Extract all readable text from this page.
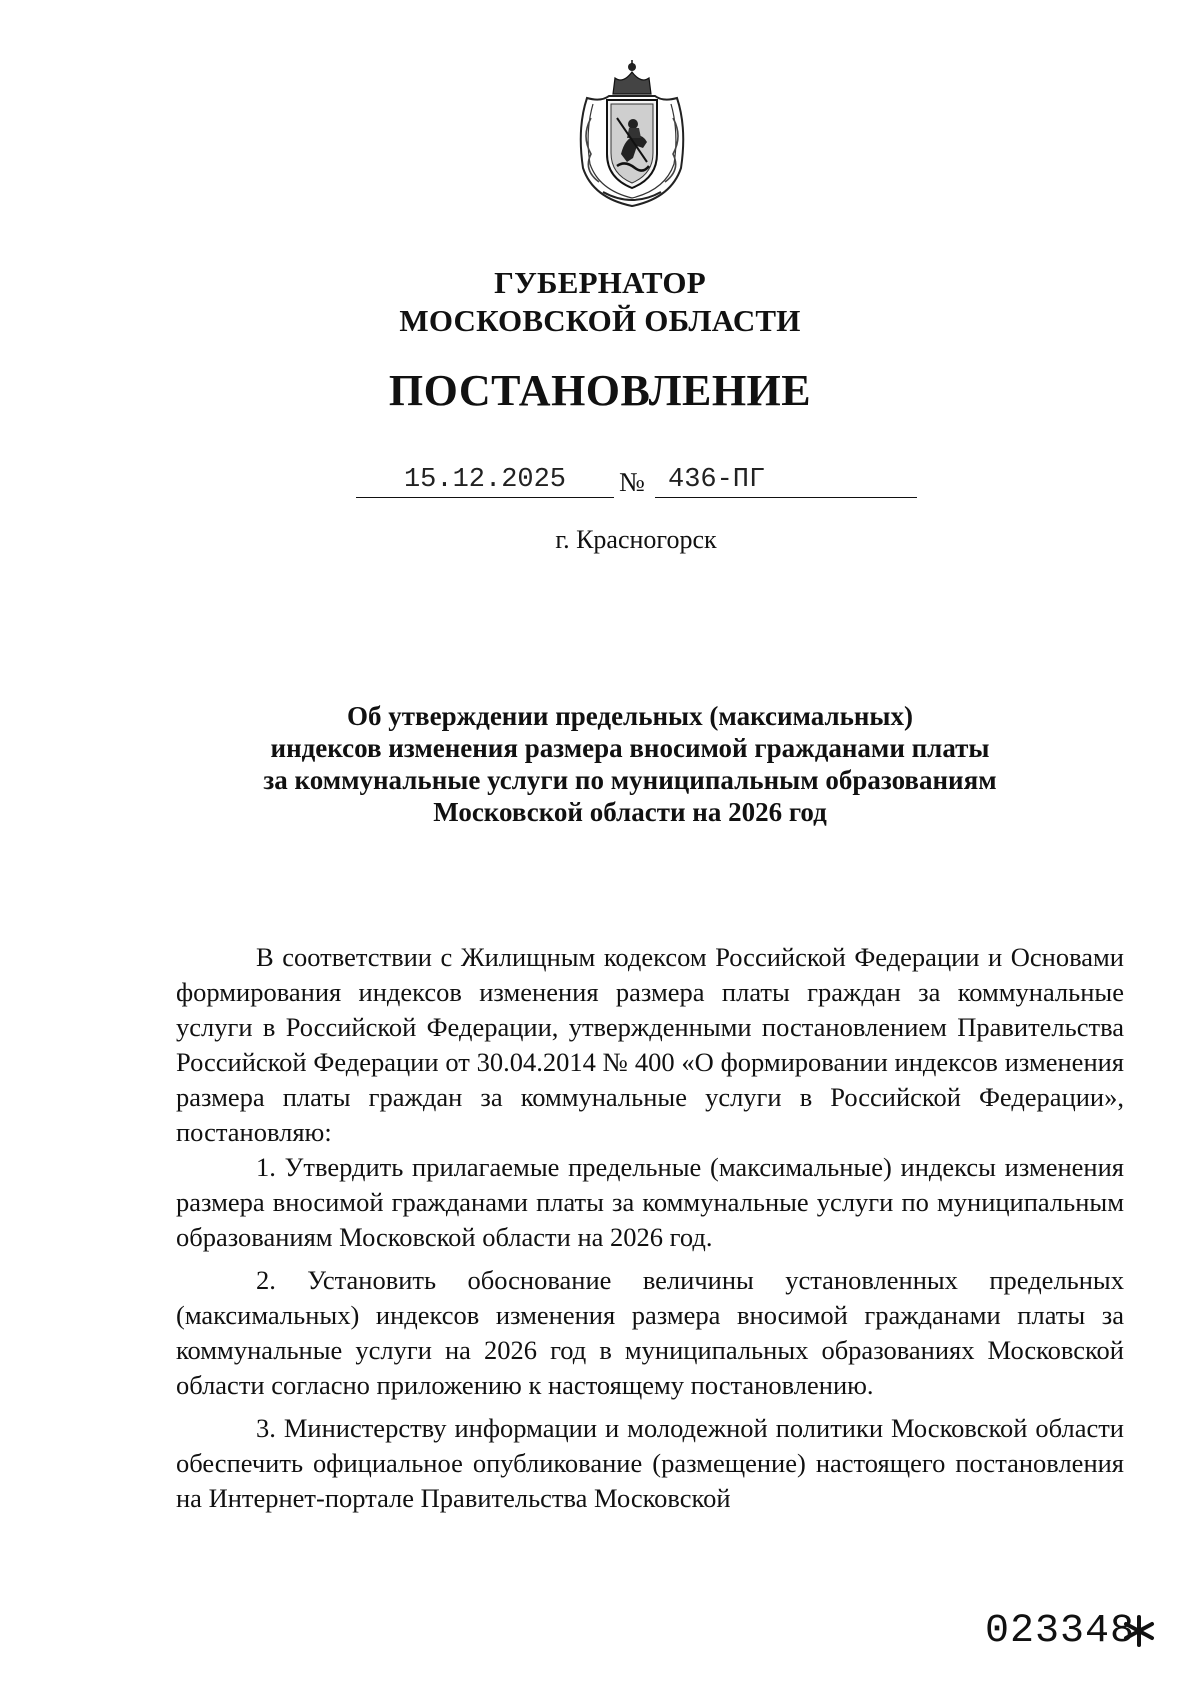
ГУБЕРНАТОР
МОСКОВСКОЙ ОБЛАСТИ
ПОСТАНОВЛЕНИЕ
15.12.2025	№ 436-ПГ
г. Красногорск
Об утверждении предельных (максимальных)
индексов изменения размера вносимой гражданами платы
за коммунальные услуги по муниципальным образованиям
Московской области на 2026 год

В соответствии с Жилищным кодексом Российской Федерации и Основами формирования индексов изменения размера платы граждан за коммунальные услуги в Российской Федерации, утвержденными постановлением Правительства Российской Федерации от 30.04.2014 № 400 «О формировании индексов изменения размера платы граждан за коммунальные услуги в Российской Федерации», постановляю:

1. Утвердить прилагаемые предельные (максимальные) индексы изменения размера вносимой гражданами платы за коммунальные услуги по муниципальным образованиям Московской области на 2026 год.

2. Установить обоснование величины установленных предельных (максимальных) индексов изменения размера вносимой гражданами платы за коммунальные услуги на 2026 год в муниципальных образованиях Московской области согласно приложению к настоящему постановлению.

3. Министерству информации и молодежной политики Московской области обеспечить официальное опубликование (размещение) настоящего постановления на Интернет-портале Правительства Московской

023348
